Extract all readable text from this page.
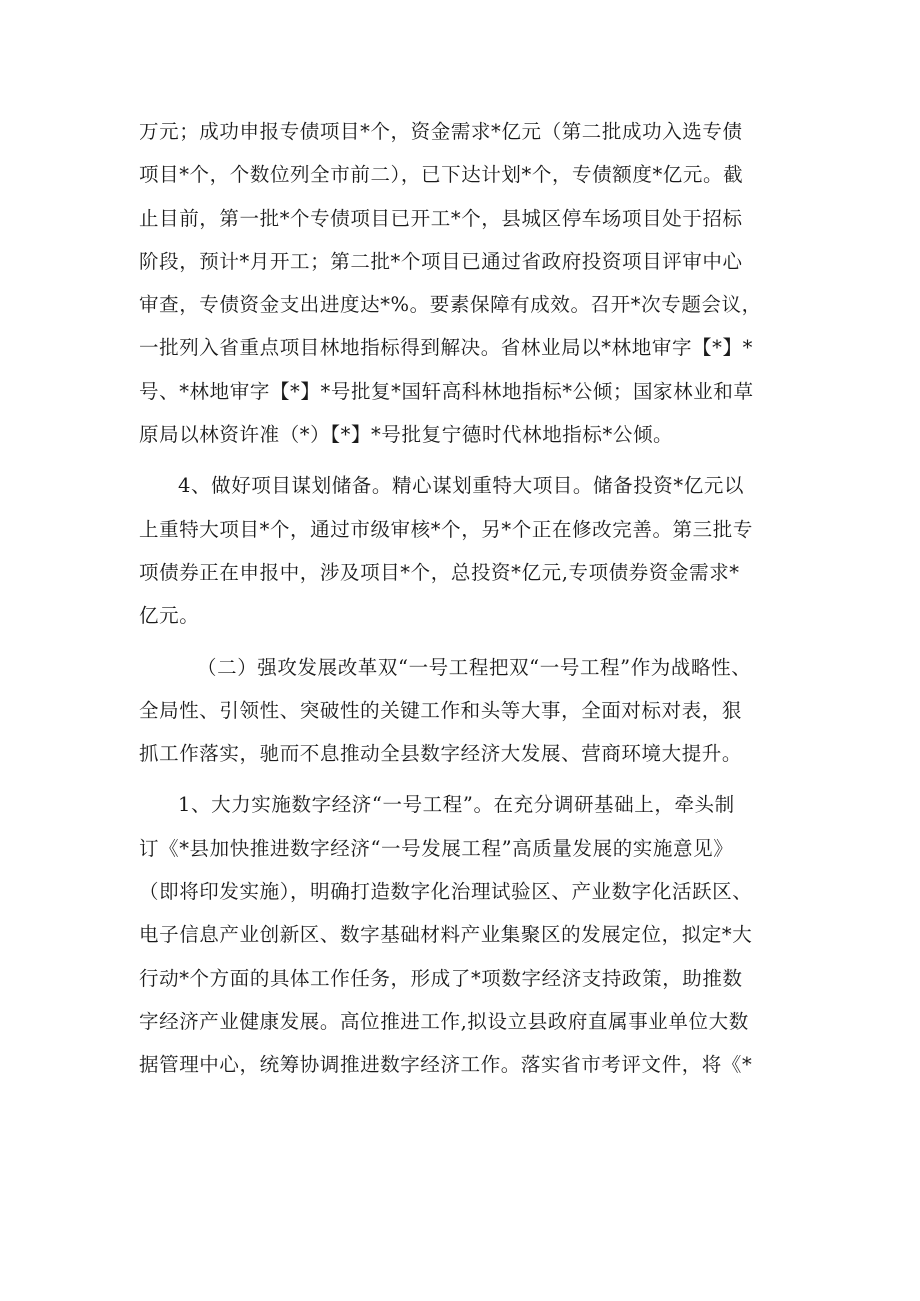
万元；成功申报专债项目*个，资金需求*亿元（第二批成功入选专债
项目*个，个数位列全市前二），已下达计划*个，专债额度*亿元。截
止目前，第一批*个专债项目已开工*个，县城区停车场项目处于招标
阶段，预计*月开工；第二批*个项目已通过省政府投资项目评审中心
审查，专债资金支出进度达*%。要素保障有成效。召开*次专题会议，
一批列入省重点项目林地指标得到解决。省林业局以*林地审字【*】*
号、*林地审字【*】*号批复*国轩高科林地指标*公倾；国家林业和草
原局以林资许准（*）【*】*号批复宁德时代林地指标*公倾。

4、做好项目谋划储备。精心谋划重特大项目。储备投资*亿元以
上重特大项目*个，通过市级审核*个，另*个正在修改完善。第三批专
项债券正在申报中，涉及项目*个，总投资*亿元,专项债券资金需求*
亿元。

（二）强攻发展改革双“一号工程把双“一号工程”作为战略性、
全局性、引领性、突破性的关键工作和头等大事，全面对标对表，狠
抓工作落实，驰而不息推动全县数字经济大发展、营商环境大提升。

1、大力实施数字经济“一号工程”。在充分调研基础上，牵头制
订《*县加快推进数字经济“一号发展工程”高质量发展的实施意见》
（即将印发实施），明确打造数字化治理试验区、产业数字化活跃区、
电子信息产业创新区、数字基础材料产业集聚区的发展定位，拟定*大
行动*个方面的具体工作任务，形成了*项数字经济支持政策，助推数
字经济产业健康发展。高位推进工作,拟设立县政府直属事业单位大数
据管理中心，统筹协调推进数字经济工作。落实省市考评文件，将《*
